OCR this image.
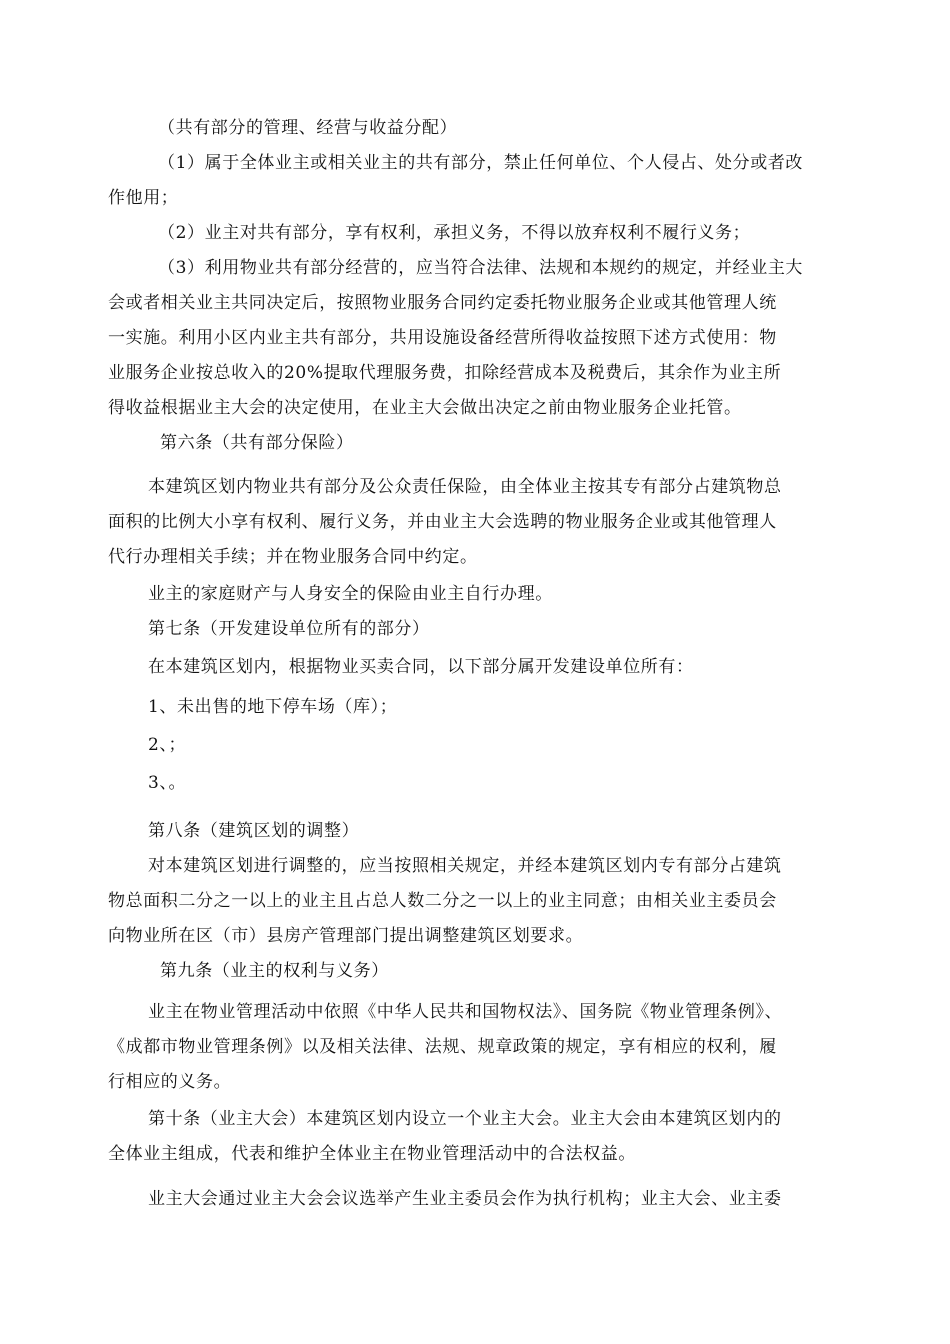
（共有部分的管理、经营与收益分配）
（1）属于全体业主或相关业主的共有部分，禁止任何单位、个人侵占、处分或者改
作他用；
（2）业主对共有部分，享有权利，承担义务，不得以放弃权利不履行义务；
（3）利用物业共有部分经营的，应当符合法律、法规和本规约的规定，并经业主大
会或者相关业主共同决定后，按照物业服务合同约定委托物业服务企业或其他管理人统
一实施。利用小区内业主共有部分，共用设施设备经营所得收益按照下述方式使用：物
业服务企业按总收入的20%提取代理服务费，扣除经营成本及税费后，其余作为业主所
得收益根据业主大会的决定使用，在业主大会做出决定之前由物业服务企业托管。
第六条（共有部分保险）
本建筑区划内物业共有部分及公众责任保险，由全体业主按其专有部分占建筑物总
面积的比例大小享有权利、履行义务，并由业主大会选聘的物业服务企业或其他管理人
代行办理相关手续；并在物业服务合同中约定。
业主的家庭财产与人身安全的保险由业主自行办理。
第七条（开发建设单位所有的部分）
在本建筑区划内，根据物业买卖合同，以下部分属开发建设单位所有：
1、未出售的地下停车场（库）；
2、；
3、。
第八条（建筑区划的调整）
对本建筑区划进行调整的，应当按照相关规定，并经本建筑区划内专有部分占建筑
物总面积二分之一以上的业主且占总人数二分之一以上的业主同意；由相关业主委员会
向物业所在区（市）县房产管理部门提出调整建筑区划要求。
第九条（业主的权利与义务）
业主在物业管理活动中依照《中华人民共和国物权法》、国务院《物业管理条例》、
《成都市物业管理条例》以及相关法律、法规、规章政策的规定，享有相应的权利，履
行相应的义务。
第十条（业主大会）本建筑区划内设立一个业主大会。业主大会由本建筑区划内的
全体业主组成，代表和维护全体业主在物业管理活动中的合法权益。
业主大会通过业主大会会议选举产生业主委员会作为执行机构；业主大会、业主委
